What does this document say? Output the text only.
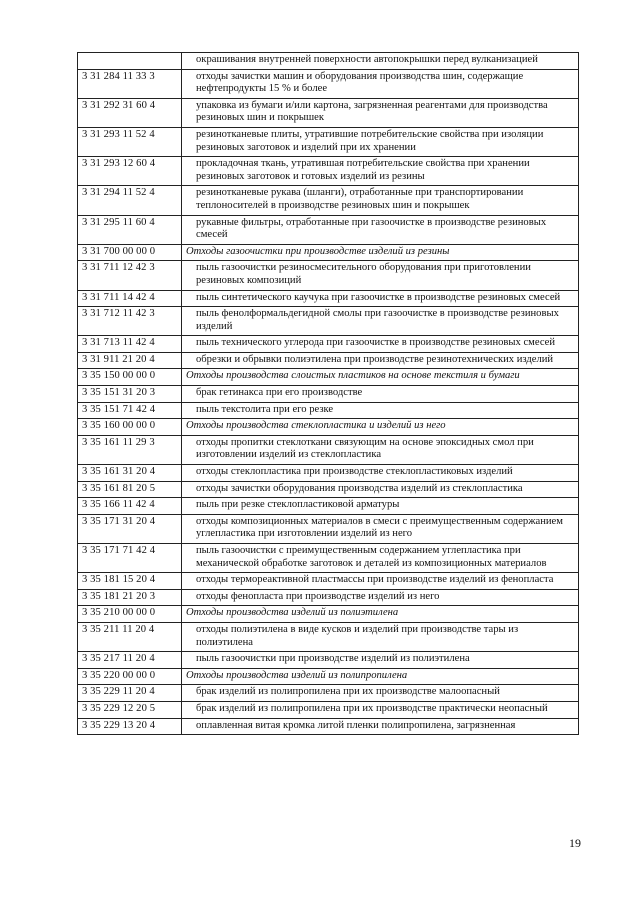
	окрашивания внутренней поверхности автопокрышки перед вулканизацией
3 31 284 11 33 3	отходы зачистки машин и оборудования производства шин, содержащие нефтепродукты 15 % и более
3 31 292 31 60 4	упаковка из бумаги и/или картона, загрязненная реагентами для производства резиновых шин и покрышек
3 31 293 11 52 4	резинотканевые плиты, утратившие потребительские свойства при изоляции резиновых заготовок и изделий при их хранении
3 31 293 12 60 4	прокладочная ткань, утратившая потребительские свойства при хранении резиновых заготовок и готовых изделий из резины
3 31 294 11 52 4	резинотканевые рукава (шланги), отработанные при транспортировании теплоносителей в производстве резиновых шин и покрышек
3 31 295 11 60 4	рукавные фильтры, отработанные при газоочистке в производстве резиновых смесей
3 31 700 00 00 0	Отходы газоочистки при производстве изделий из резины
3 31 711 12 42 3	пыль газоочистки резиносмесительного оборудования при приготовлении резиновых композиций
3 31 711 14 42 4	пыль синтетического каучука при газоочистке в производстве резиновых смесей
3 31 712 11 42 3	пыль фенолформальдегидной смолы при газоочистке в производстве резиновых изделий
3 31 713 11 42 4	пыль технического углерода при газоочистке в производстве резиновых смесей
3 31 911 21 20 4	обрезки и обрывки полиэтилена при производстве резинотехнических изделий
3 35 150 00 00 0	Отходы производства слоистых пластиков на основе текстиля и бумаги
3 35 151 31 20 3	брак гетинакса при его производстве
3 35 151 71 42 4	пыль текстолита при его резке
3 35 160 00 00 0	Отходы производства стеклопластика и изделий из него
3 35 161 11 29 3	отходы пропитки стеклоткани связующим на основе эпоксидных смол при изготовлении изделий из стеклопластика
3 35 161 31 20 4	отходы стеклопластика при производстве стеклопластиковых изделий
3 35 161 81 20 5	отходы зачистки оборудования производства изделий из стеклопластика
3 35 166 11 42 4	пыль при резке стеклопластиковой арматуры
3 35 171 31 20 4	отходы композиционных материалов в смеси с преимущественным содержанием углепластика при изготовлении изделий из него
3 35 171 71 42 4	пыль газоочистки с преимущественным содержанием углепластика при механической обработке заготовок и деталей из композиционных материалов
3 35 181 15 20 4	отходы термореактивной пластмассы при производстве изделий из фенопласта
3 35 181 21 20 3	отходы фенопласта при производстве изделий из него
3 35 210 00 00 0	Отходы производства изделий из полиэтилена
3 35 211 11 20 4	отходы полиэтилена в виде кусков и изделий при производстве тары из полиэтилена
3 35 217 11 20 4	пыль газоочистки при производстве изделий из полиэтилена
3 35 220 00 00 0	Отходы производства изделий из полипропилена
3 35 229 11 20 4	брак изделий из полипропилена при их производстве малоопасный
3 35 229 12 20 5	брак изделий из полипропилена при их производстве практически неопасный
3 35 229 13 20 4	оплавленная витая кромка литой пленки полипропилена, загрязненная
19
